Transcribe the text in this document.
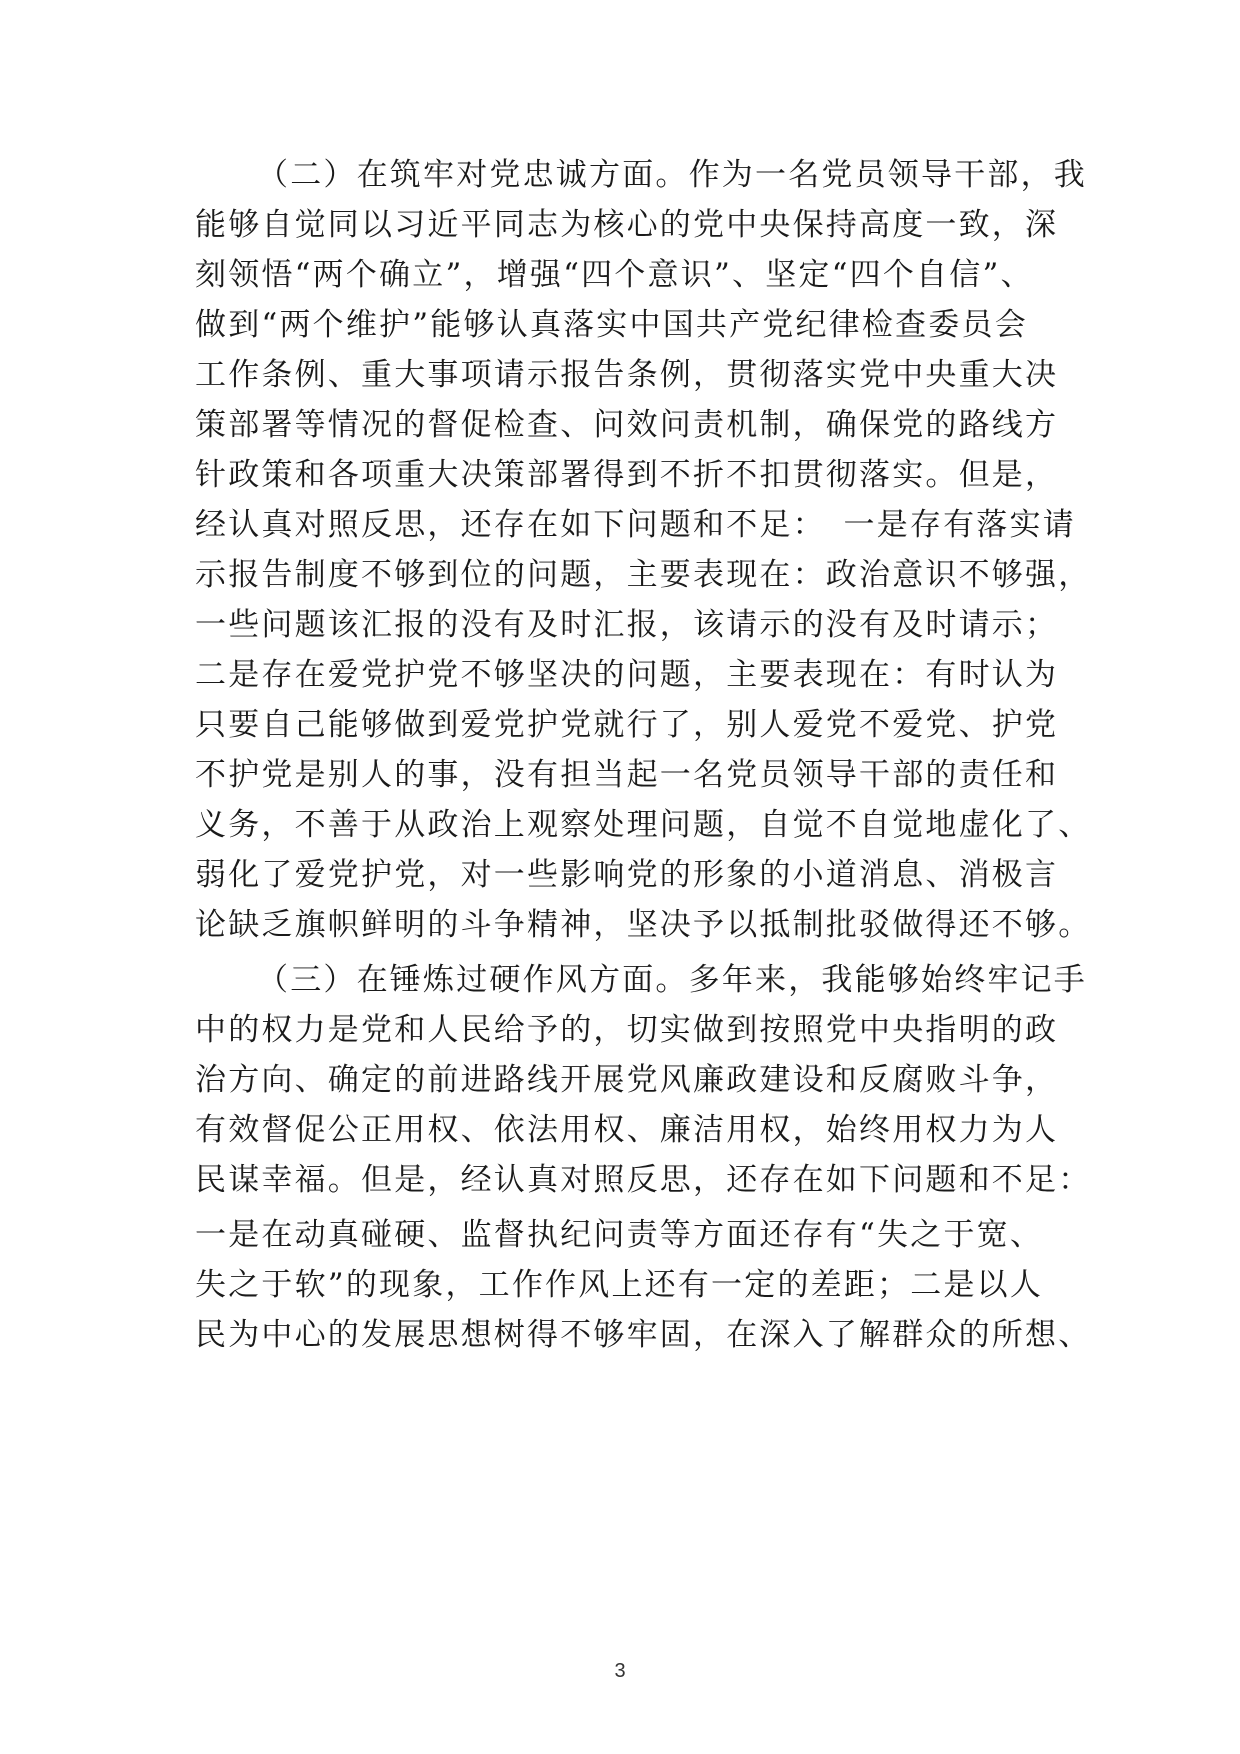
（二）在筑牢对党忠诚方面。作为一名党员领导干部，我
能够自觉同以习近平同志为核心的党中央保持高度一致，深
刻领悟“两个确立”，增强“四个意识”、坚定“四个自信”、
做到“两个维护”能够认真落实中国共产党纪律检查委员会
工作条例、重大事项请示报告条例，贯彻落实党中央重大决
策部署等情况的督促检查、问效问责机制，确保党的路线方
针政策和各项重大决策部署得到不折不扣贯彻落实。但是，
经认真对照反思，还存在如下问题和不足：　一是存有落实请
示报告制度不够到位的问题，主要表现在：政治意识不够强，
一些问题该汇报的没有及时汇报，该请示的没有及时请示；
二是存在爱党护党不够坚决的问题，主要表现在：有时认为
只要自己能够做到爱党护党就行了，别人爱党不爱党、护党
不护党是别人的事，没有担当起一名党员领导干部的责任和
义务，不善于从政治上观察处理问题，自觉不自觉地虚化了、
弱化了爱党护党，对一些影响党的形象的小道消息、消极言
论缺乏旗帜鲜明的斗争精神，坚决予以抵制批驳做得还不够。
（三）在锤炼过硬作风方面。多年来，我能够始终牢记手
中的权力是党和人民给予的，切实做到按照党中央指明的政
治方向、确定的前进路线开展党风廉政建设和反腐败斗争，
有效督促公正用权、依法用权、廉洁用权，始终用权力为人
民谋幸福。但是，经认真对照反思，还存在如下问题和不足：
一是在动真碰硬、监督执纪问责等方面还存有“失之于宽、
失之于软”的现象，工作作风上还有一定的差距；二是以人
民为中心的发展思想树得不够牢固，在深入了解群众的所想、
3
